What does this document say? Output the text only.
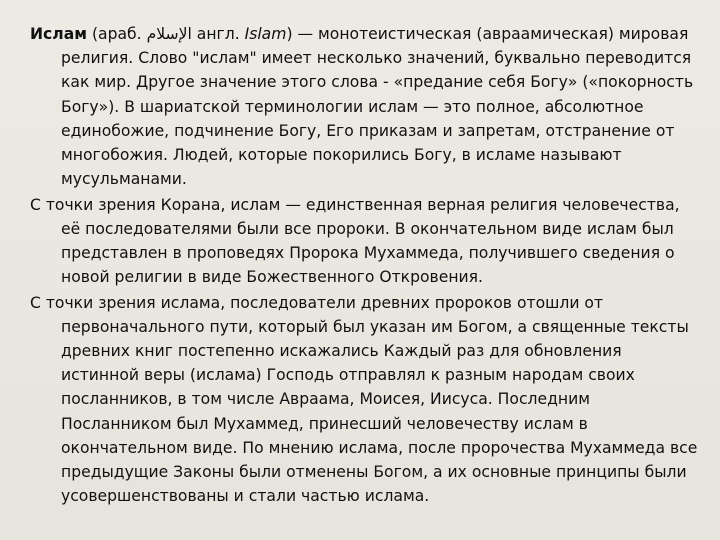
Ислам (араб. الإسلام англ. Islam) — монотеистическая (авраамическая) мировая религия. Слово "ислам" имеет несколько значений, буквально переводится как мир. Другое значение этого слова - «предание себя Богу» («покорность Богу»). В шариатской терминологии ислам — это полное, абсолютное единобожие, подчинение Богу, Его приказам и запретам, отстранение от многобожия. Людей, которые покорились Богу, в исламе называют мусульманами.

С точки зрения Корана, ислам — единственная верная религия человечества, её последователями были все пророки. В окончательном виде ислам был представлен в проповедях Пророка Мухаммеда, получившего сведения о новой религии в виде Божественного Откровения.

С точки зрения ислама, последователи древних пророков отошли от первоначального пути, который был указан им Богом, а священные тексты древних книг постепенно искажались Каждый раз для обновления истинной веры (ислама) Господь отправлял к разным народам своих посланников, в том числе Авраама, Моисея, Иисуса. Последним Посланником был Мухаммед, принесший человечеству ислам в окончательном виде. По мнению ислама, после пророчества Мухаммеда все предыдущие Законы были отменены Богом, а их основные принципы были усовершенствованы и стали частью ислама.
